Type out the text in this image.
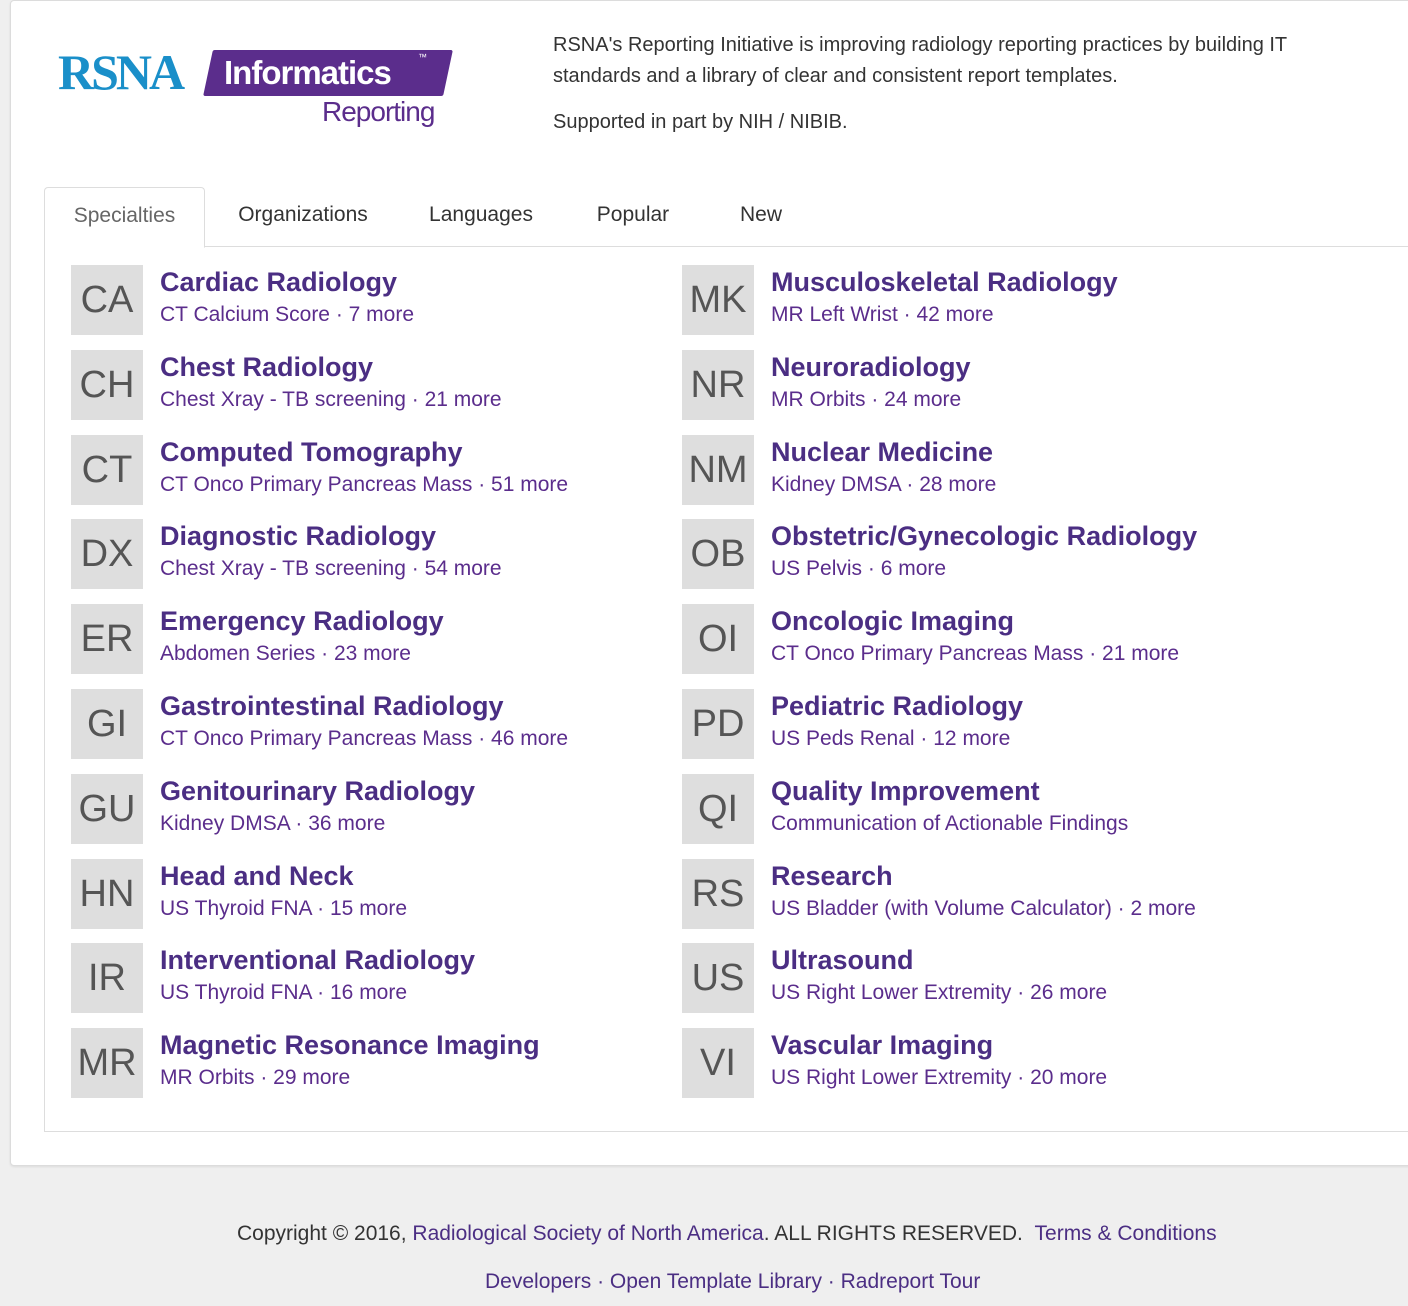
RSNA Informatics	™
Reporting

RSNA's Reporting Initiative is improving radiology reporting practices by building IT standards and a library of clear and consistent report templates.

Supported in part by NIH / NIBIB.

Specialties	Organizations	Languages	Popular	New
CA Cardiac Radiology
CT Calcium Score · 7 more
CH Chest Radiology
Chest Xray - TB screening · 21 more
CT	Computed Tomography
CT Onco Primary Pancreas Mass · 51 more
DX Diagnostic Radiology
Chest Xray - TB screening · 54 more
ER Emergency Radiology
Abdomen Series · 23 more
GI	Gastrointestinal Radiology
CT Onco Primary Pancreas Mass · 46 more
GU Genitourinary Radiology
Kidney DMSA · 36 more
HN Head and Neck
US Thyroid FNA · 15 more
IR	Interventional Radiology
US Thyroid FNA · 16 more
MR Magnetic Resonance Imaging
MR Orbits · 29 more
MK Musculoskeletal Radiology
MR Left Wrist · 42 more
NR Neuroradiology
MR Orbits · 24 more
NM Nuclear Medicine
Kidney DMSA · 28 more
OB Obstetric/Gynecologic Radiology
US Pelvis · 6 more
OI	Oncologic Imaging
CT Onco Primary Pancreas Mass · 21 more
PD Pediatric Radiology
US Peds Renal · 12 more
QI	Quality Improvement
Communication of Actionable Findings
RS Research
US Bladder (with Volume Calculator) · 2 more
US Ultrasound
US Right Lower Extremity · 26 more
VI	Vascular Imaging
US Right Lower Extremity · 20 more
Copyright © 2016, Radiological Society of North America. ALL RIGHTS RESERVED. Terms & Conditions
Developers · Open Template Library · Radreport Tour
